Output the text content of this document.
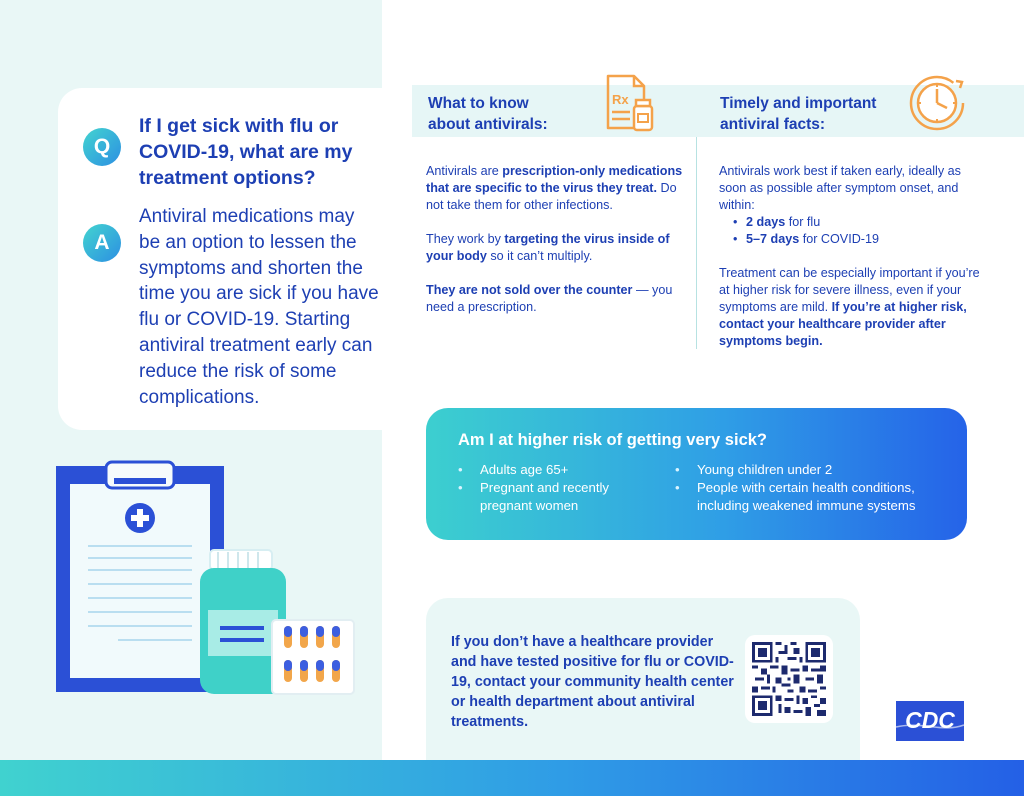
Q
If I get sick with flu or COVID-19, what are my treatment options?
A
Antiviral medications may be an option to lessen the symptoms and shorten the time you are sick if you have flu or COVID-19. Starting antiviral treatment early can reduce the risk of some complications.
What to know
about antivirals:
Rx	Timely and important
antiviral facts:

Antivirals are prescription-only medications that are specific to the virus they treat. Do not take them for other infections.

They work by targeting the virus inside of your body so it can’t multiply.

They are not sold over the counter — you need a prescription.

Antivirals work best if taken early, ideally as soon as possible after symptom onset, and within:

• 2 days for flu
• 5–7 days for COVID-19

Treatment can be especially important if you’re at higher risk for severe illness, even if your symptoms are mild. If you’re at higher risk, contact your healthcare provider after symptoms begin.

Am I at higher risk of getting very sick?
• Adults age 65+
• Pregnant and recently pregnant women
• Young children under 2
• People with certain health conditions, including weakened immune systems
If you don’t have a healthcare provider and have tested positive for flu or COVID-19, contact your community health center or health department about antiviral treatments.	CDC
